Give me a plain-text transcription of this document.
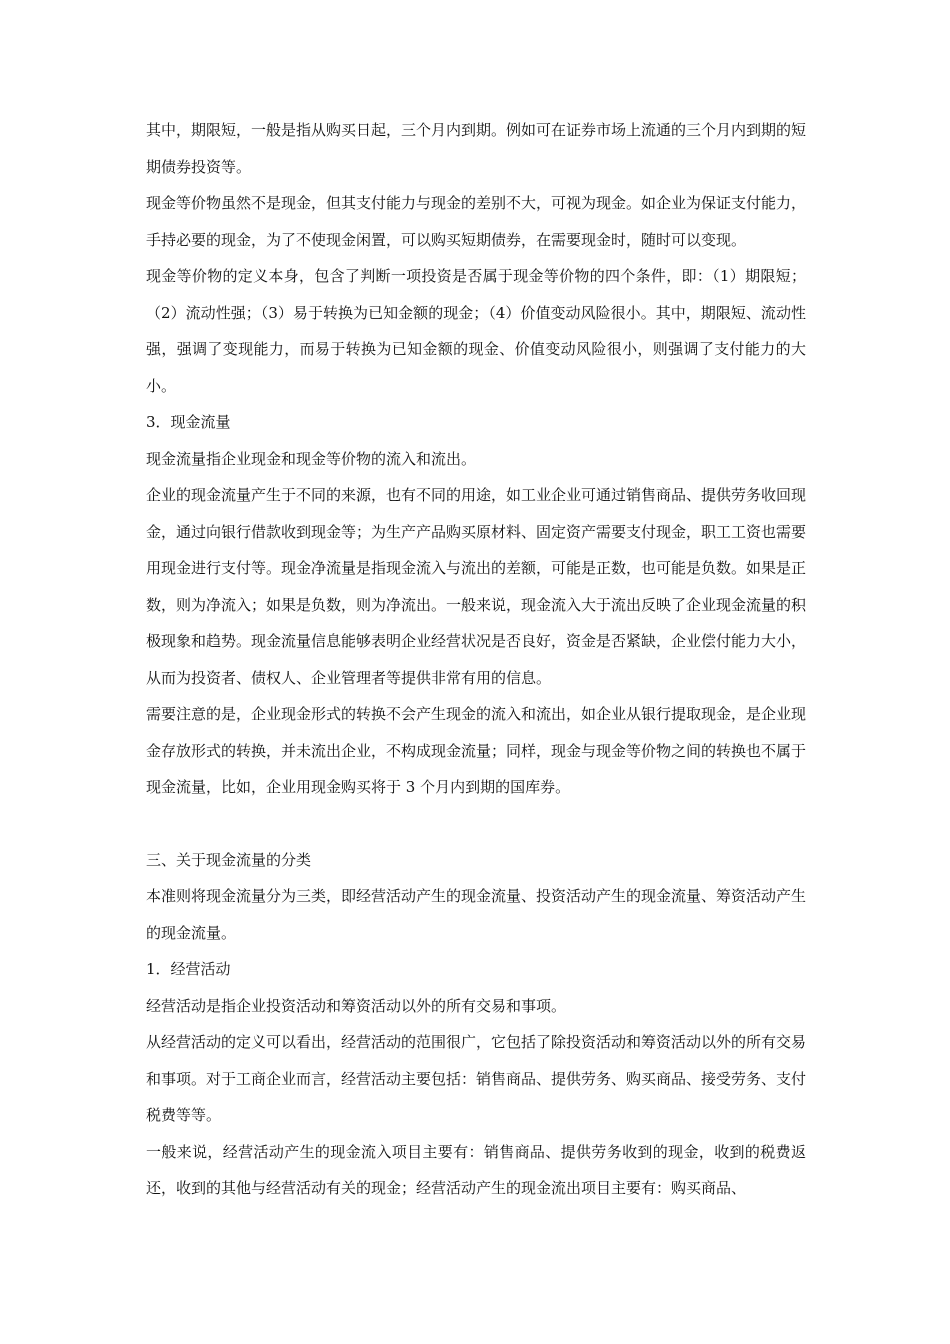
其中，期限短，一般是指从购买日起，三个月内到期。例如可在证券市场上流通的三个月内到期的短期债券投资等。

现金等价物虽然不是现金，但其支付能力与现金的差别不大，可视为现金。如企业为保证支付能力，手持必要的现金，为了不使现金闲置，可以购买短期债券，在需要现金时，随时可以变现。

现金等价物的定义本身，包含了判断一项投资是否属于现金等价物的四个条件，即：（1）期限短；（2）流动性强；（3）易于转换为已知金额的现金；（4）价值变动风险很小。其中，期限短、流动性强，强调了变现能力，而易于转换为已知金额的现金、价值变动风险很小，则强调了支付能力的大小。

3．现金流量

现金流量指企业现金和现金等价物的流入和流出。

企业的现金流量产生于不同的来源，也有不同的用途，如工业企业可通过销售商品、提供劳务收回现金，通过向银行借款收到现金等；为生产产品购买原材料、固定资产需要支付现金，职工工资也需要用现金进行支付等。现金净流量是指现金流入与流出的差额，可能是正数，也可能是负数。如果是正数，则为净流入；如果是负数，则为净流出。一般来说，现金流入大于流出反映了企业现金流量的积极现象和趋势。现金流量信息能够表明企业经营状况是否良好，资金是否紧缺，企业偿付能力大小，从而为投资者、债权人、企业管理者等提供非常有用的信息。

需要注意的是，企业现金形式的转换不会产生现金的流入和流出，如企业从银行提取现金，是企业现金存放形式的转换，并未流出企业，不构成现金流量；同样，现金与现金等价物之间的转换也不属于现金流量，比如，企业用现金购买将于 3 个月内到期的国库券。

三、关于现金流量的分类

本准则将现金流量分为三类，即经营活动产生的现金流量、投资活动产生的现金流量、筹资活动产生的现金流量。

1．经营活动

经营活动是指企业投资活动和筹资活动以外的所有交易和事项。

从经营活动的定义可以看出，经营活动的范围很广，它包括了除投资活动和筹资活动以外的所有交易和事项。对于工商企业而言，经营活动主要包括：销售商品、提供劳务、购买商品、接受劳务、支付税费等等。

一般来说，经营活动产生的现金流入项目主要有：销售商品、提供劳务收到的现金，收到的税费返还，收到的其他与经营活动有关的现金；经营活动产生的现金流出项目主要有：购买商品、
